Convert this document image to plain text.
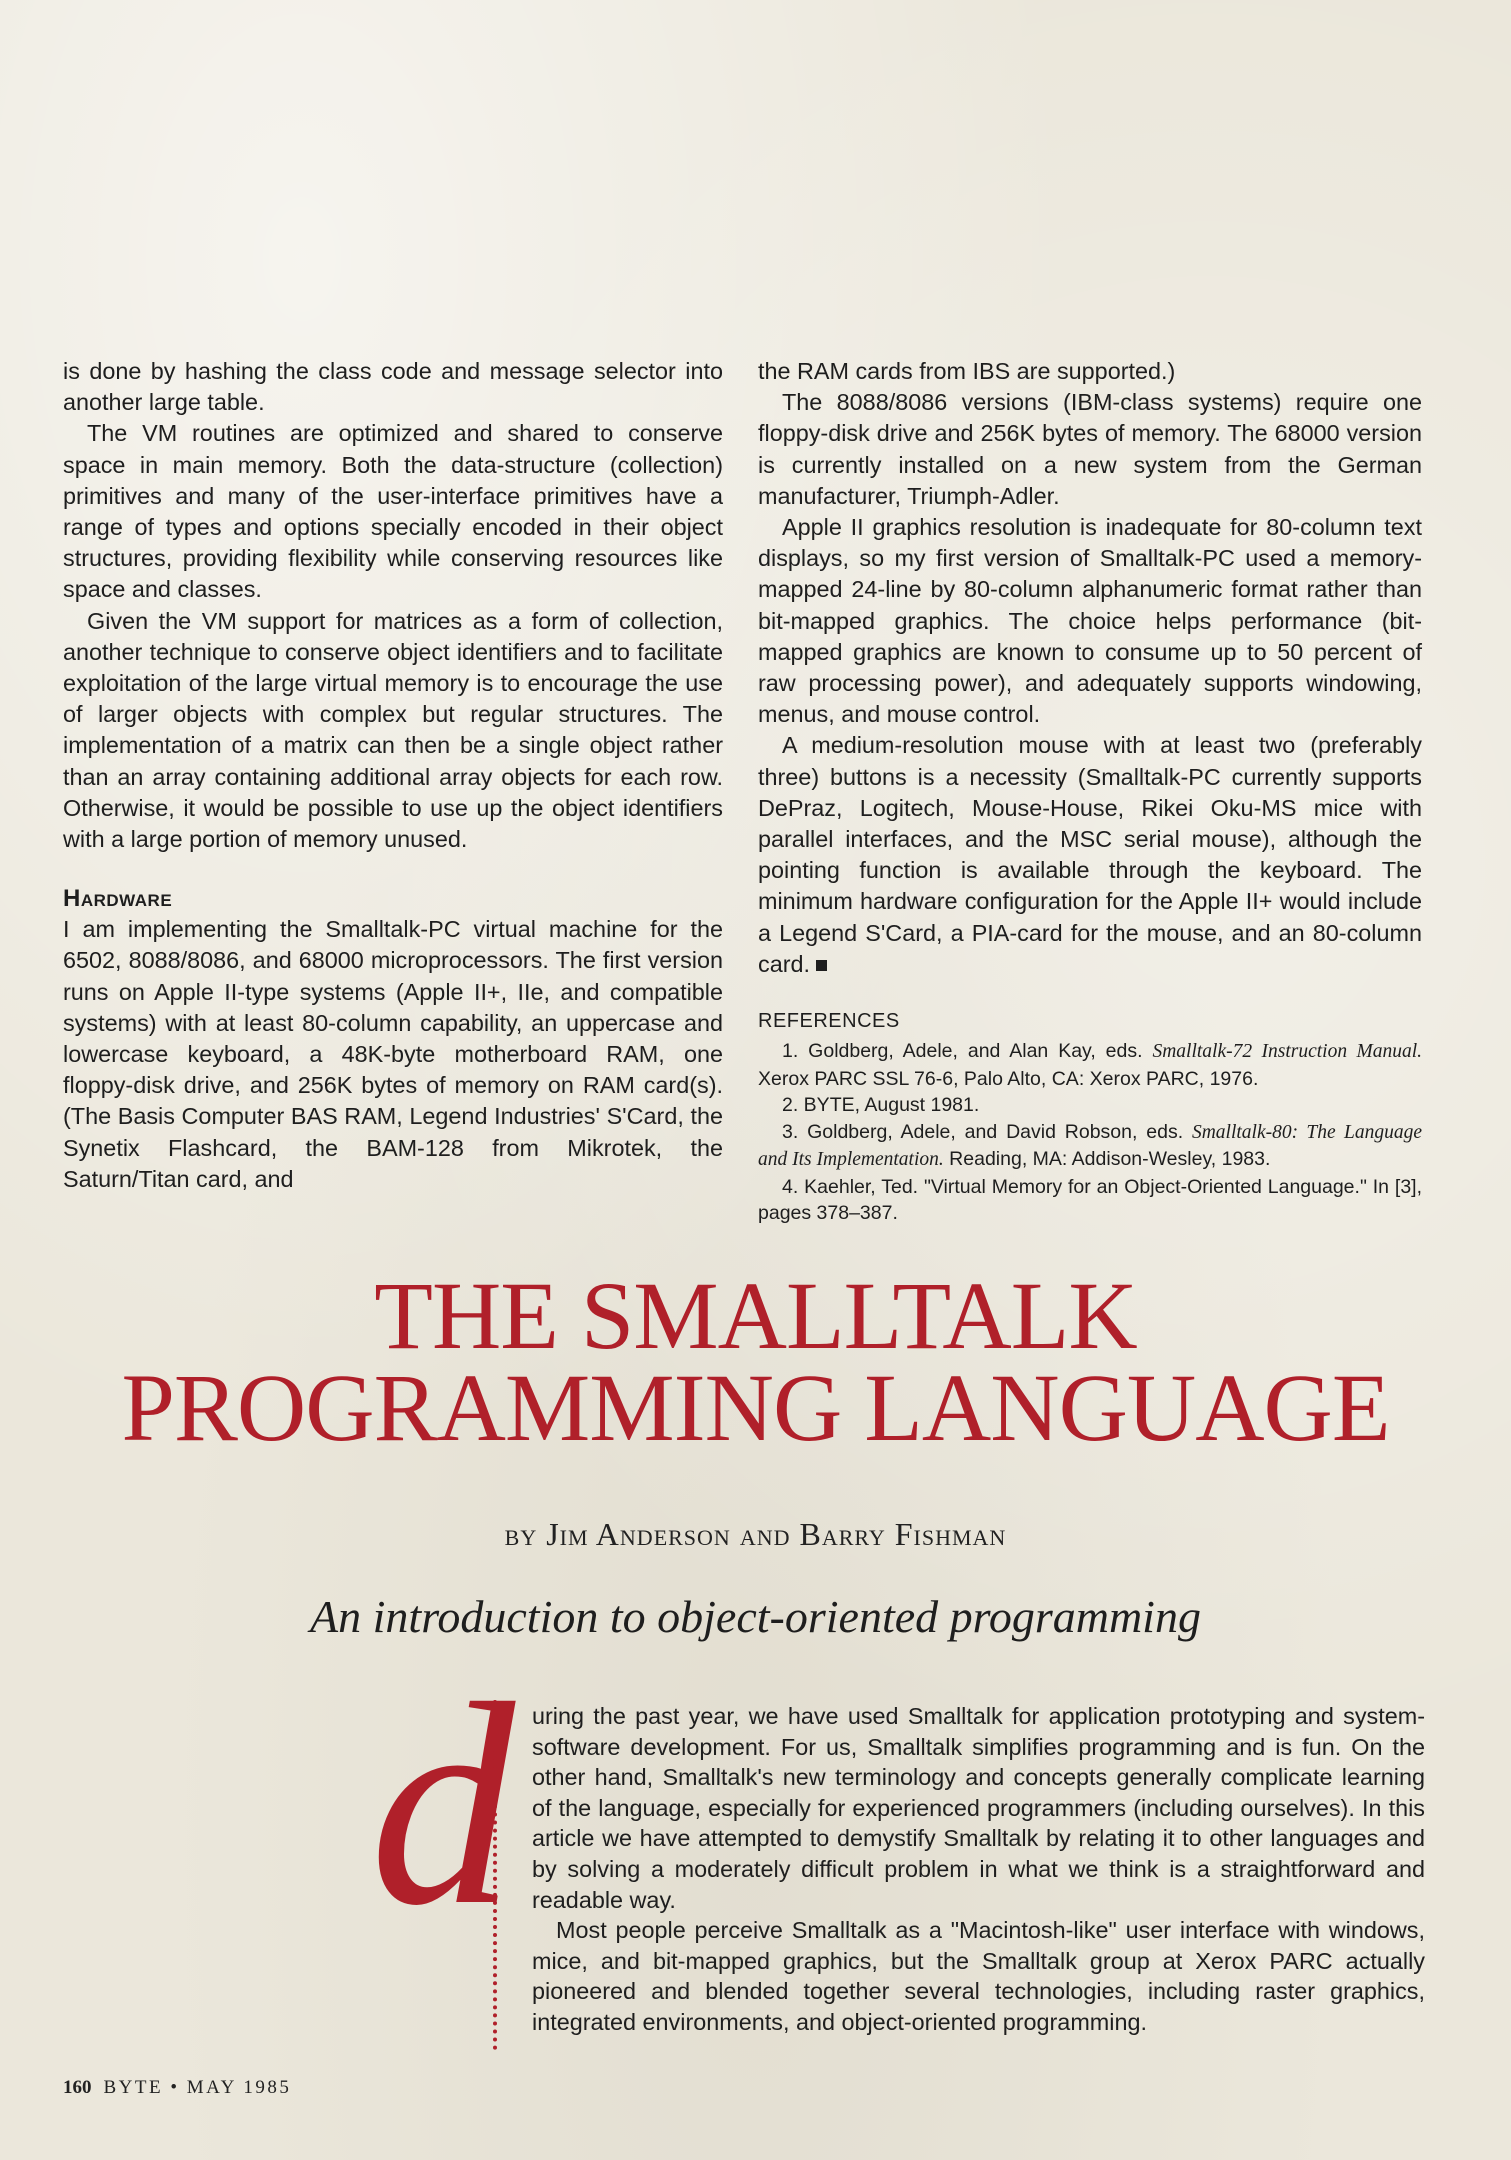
is done by hashing the class code and message selector into another large table.

The VM routines are optimized and shared to conserve space in main memory. Both the data-structure (collection) primitives and many of the user-interface primitives have a range of types and options specially encoded in their object structures, providing flexibility while conserving resources like space and classes.

Given the VM support for matrices as a form of collection, another technique to conserve object identifiers and to facilitate exploitation of the large virtual memory is to encourage the use of larger objects with complex but regular structures. The implementation of a matrix can then be a single object rather than an array containing additional array objects for each row. Otherwise, it would be possible to use up the object identifiers with a large portion of memory unused.

Hardware

I am implementing the Smalltalk-PC virtual machine for the 6502, 8088/8086, and 68000 microprocessors. The first version runs on Apple II-type systems (Apple II+, IIe, and compatible systems) with at least 80-column capability, an uppercase and lowercase keyboard, a 48K-byte motherboard RAM, one floppy-disk drive, and 256K bytes of memory on RAM card(s). (The Basis Computer BAS RAM, Legend Industries' S'Card, the Synetix Flashcard, the BAM-128 from Mikrotek, the Saturn/Titan card, and

the RAM cards from IBS are supported.)

The 8088/8086 versions (IBM-class systems) require one floppy-disk drive and 256K bytes of memory. The 68000 version is currently installed on a new system from the German manufacturer, Triumph-Adler.

Apple II graphics resolution is inadequate for 80-column text displays, so my first version of Smalltalk-PC used a memory-mapped 24-line by 80-column alphanumeric format rather than bit-mapped graphics. The choice helps performance (bit-mapped graphics are known to consume up to 50 percent of raw processing power), and adequately supports windowing, menus, and mouse control.

A medium-resolution mouse with at least two (preferably three) buttons is a necessity (Smalltalk-PC currently supports DePraz, Logitech, Mouse-House, Rikei Oku-MS mice with parallel interfaces, and the MSC serial mouse), although the pointing function is available through the keyboard. The minimum hardware configuration for the Apple II+ would include a Legend S'Card, a PIA-card for the mouse, and an 80-column card.

REFERENCES

1. Goldberg, Adele, and Alan Kay, eds. Smalltalk-72 Instruction Manual. Xerox PARC SSL 76-6, Palo Alto, CA: Xerox PARC, 1976.

2. BYTE, August 1981.

3. Goldberg, Adele, and David Robson, eds. Smalltalk-80: The Language and Its Implementation. Reading, MA: Addison-Wesley, 1983.

4. Kaehler, Ted. "Virtual Memory for an Object-Oriented Language." In [3], pages 378–387.

THE SMALLTALK
PROGRAMMING LANGUAGE
by Jim Anderson and Barry Fishman
An introduction to object-oriented programming
d uring the past year, we have used Smalltalk for application prototyping and system-software development. For us, Smalltalk simplifies programming and is fun. On the other hand, Smalltalk's new terminology and concepts generally complicate learning of the language, especially for experienced programmers (including ourselves). In this article we have attempted to demystify Smalltalk by relating it to other languages and by solving a moderately difficult problem in what we think is a straightforward and readable way.

Most people perceive Smalltalk as a "Macintosh-like" user interface with windows, mice, and bit-mapped graphics, but the Smalltalk group at Xerox PARC actually pioneered and blended together several technologies, including raster graphics, integrated environments, and object-oriented programming.

160 BYTE • MAY 1985
